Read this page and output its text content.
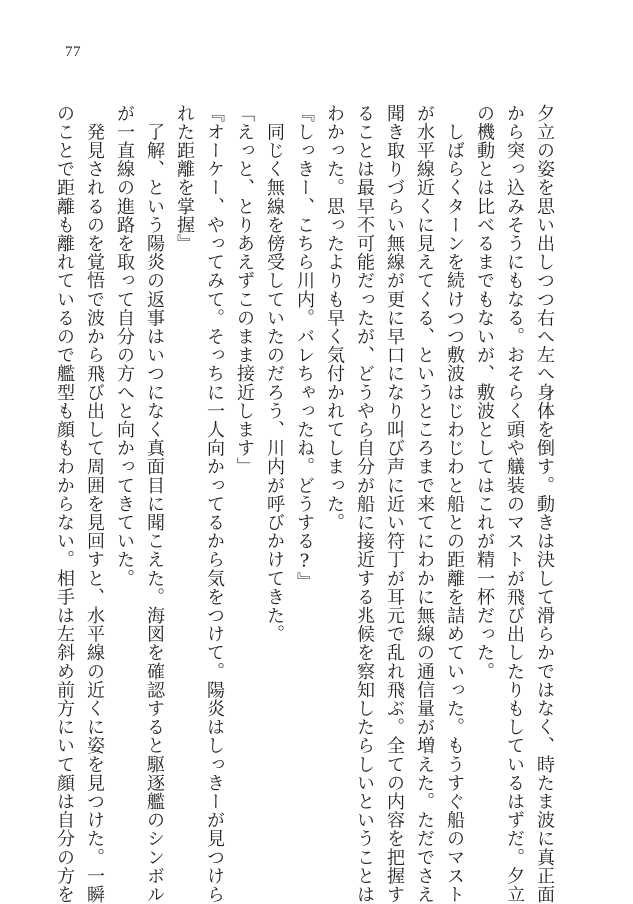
77

夕立の姿を思い出しつつ右へ左へ身体を倒す。動きは決して滑らかではなく、時たま波に真正面

から突っ込みそうにもなる。おそらく頭や艤装のマストが飛び出したりもしているはずだ。夕立

の機動とは比べるまでもないが、敷波としてはこれが精一杯だった。

　しばらくターンを続けつつ敷波はじわじわと船との距離を詰めていった。もうすぐ船のマスト

が水平線近くに見えてくる、というところまで来てにわかに無線の通信量が増えた。ただでさえ

聞き取りづらい無線が更に早口になり叫び声に近い符丁が耳元で乱れ飛ぶ。全ての内容を把握す

ることは最早不可能だったが、どうやら自分が船に接近する兆候を察知したらしいということは

わかった。思ったよりも早く気付かれてしまった。

『しっきー、こちら川内。バレちゃったね。どうする?』

　同じく無線を傍受していたのだろう、川内が呼びかけてきた。

「えっと、とりあえずこのまま接近します」

『オーケー、やってみて。そっちに一人向かってるから気をつけて。陽炎はしっきーが見つけら

れた距離を掌握』

　了解、という陽炎の返事はいつになく真面目に聞こえた。海図を確認すると駆逐艦のシンボル

が一直線の進路を取って自分の方へと向かってきていた。

　発見されるのを覚悟で波から飛び出して周囲を見回すと、水平線の近くに姿を見つけた。一瞬

のことで距離も離れているので艦型も顔もわからない。相手は左斜め前方にいて顔は自分の方を
